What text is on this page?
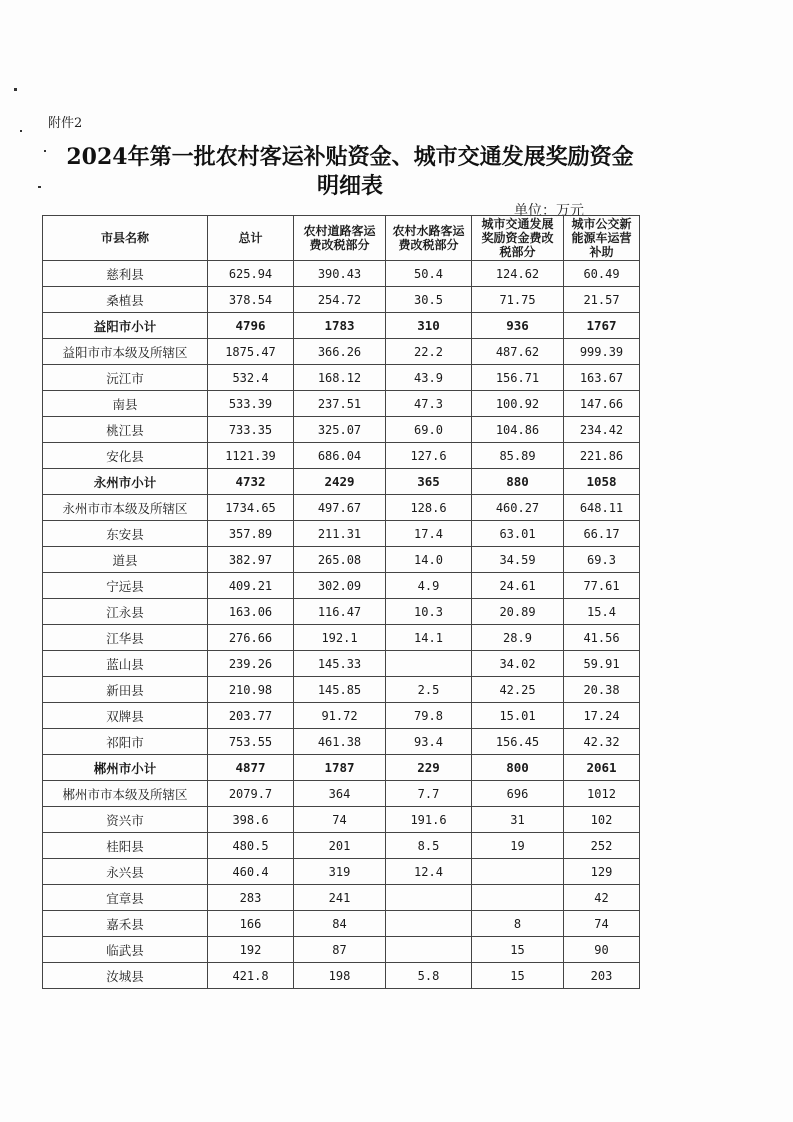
附件2
2024年第一批农村客运补贴资金、城市交通发展奖励资金
明细表
单位：万元
市县名称	总计	农村道路客运费改税部分	农村水路客运费改税部分	城市交通发展奖励资金费改税部分	城市公交新能源车运营补助
慈利县	625.94	390.43	50.4	124.62	60.49
桑植县	378.54	254.72	30.5	71.75	21.57
益阳市小计	4796	1783	310	936	1767
益阳市市本级及所辖区	1875.47	366.26	22.2	487.62	999.39
沅江市	532.4	168.12	43.9	156.71	163.67
南县	533.39	237.51	47.3	100.92	147.66
桃江县	733.35	325.07	69.0	104.86	234.42
安化县	1121.39	686.04	127.6	85.89	221.86
永州市小计	4732	2429	365	880	1058
永州市市本级及所辖区	1734.65	497.67	128.6	460.27	648.11
东安县	357.89	211.31	17.4	63.01	66.17
道县	382.97	265.08	14.0	34.59	69.3
宁远县	409.21	302.09	4.9	24.61	77.61
江永县	163.06	116.47	10.3	20.89	15.4
江华县	276.66	192.1	14.1	28.9	41.56
蓝山县	239.26	145.33		34.02	59.91
新田县	210.98	145.85	2.5	42.25	20.38
双牌县	203.77	91.72	79.8	15.01	17.24
祁阳市	753.55	461.38	93.4	156.45	42.32
郴州市小计	4877	1787	229	800	2061
郴州市市本级及所辖区	2079.7	364	7.7	696	1012
资兴市	398.6	74	191.6	31	102
桂阳县	480.5	201	8.5	19	252
永兴县	460.4	319	12.4		129
宜章县	283	241			42
嘉禾县	166	84		8	74
临武县	192	87		15	90
汝城县	421.8	198	5.8	15	203
